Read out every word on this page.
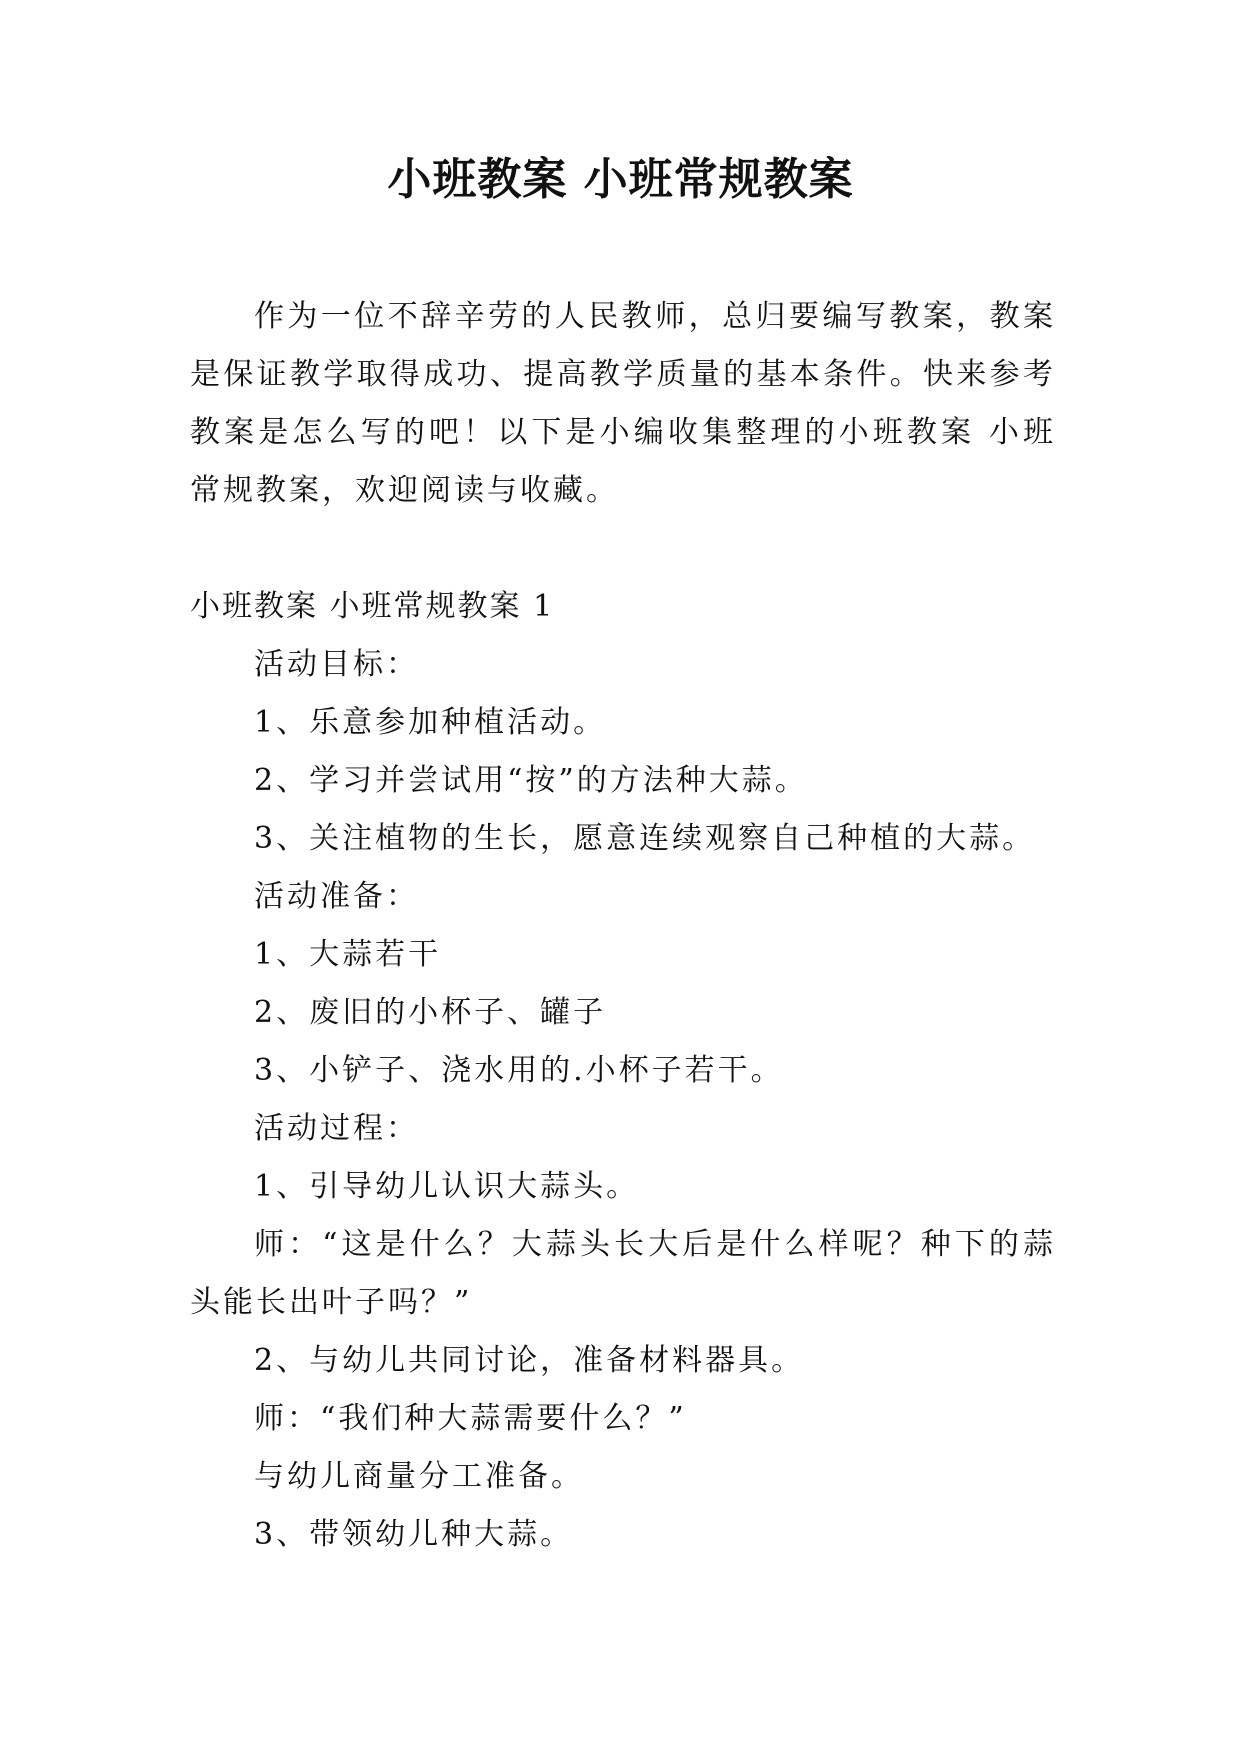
小班教案 小班常规教案
作为一位不辞辛劳的人民教师，总归要编写教案，教案是保证教学取得成功、提高教学质量的基本条件。快来参考教案是怎么写的吧！以下是小编收集整理的小班教案 小班常规教案，欢迎阅读与收藏。
小班教案 小班常规教案 1

活动目标：

1、乐意参加种植活动。

2、学习并尝试用“按”的方法种大蒜。

3、关注植物的生长，愿意连续观察自己种植的大蒜。

活动准备：

1、大蒜若干

2、废旧的小杯子、罐子

3、小铲子、浇水用的.小杯子若干。

活动过程：

1、引导幼儿认识大蒜头。

师：“这是什么？大蒜头长大后是什么样呢？种下的蒜头能长出叶子吗？”

2、与幼儿共同讨论，准备材料器具。

师：“我们种大蒜需要什么？”

与幼儿商量分工准备。

3、带领幼儿种大蒜。
